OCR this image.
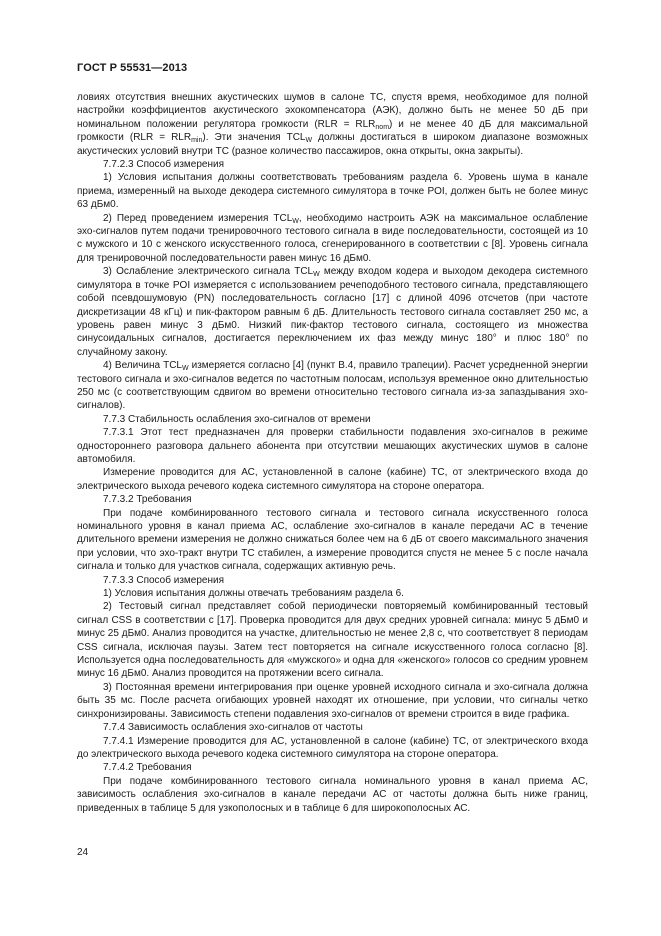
ГОСТ Р 55531—2013

ловиях отсутствия внешних акустических шумов в салоне ТС, спустя время, необходимое для полной настройки коэффициентов акустического эхокомпенсатора (АЭК), должно быть не менее 50 дБ при номинальном положении регулятора громкости $(RLR = RLR_{nom})$ и не менее 40 дБ для максимальной громкости $(RLR = RLR_{min})$. Эти значения $TCL_W$ должны достигаться в широком диапазоне возможных акустических условий внутри ТС (разное количество пассажиров, окна открыты, окна закрыты).

7.7.2.3 Способ измерения

1) Условия испытания должны соответствовать требованиям раздела 6. Уровень шума в канале приема, измеренный на выходе декодера системного симулятора в точке POI, должен быть не более минус 63 дБм0.

2) Перед проведением измерения $TCL_W$, необходимо настроить АЭК на максимальное ослабление эхо-сигналов путем подачи тренировочного тестового сигнала в виде последовательности, состоящей из 10 с мужского и 10 с женского искусственного голоса, сгенерированного в соответствии с [8]. Уровень сигнала для тренировочной последовательности равен минус 16 дБм0.

3) Ослабление электрического сигнала $TCL_W$ между входом кодера и выходом декодера системного симулятора в точке POI измеряется с использованием речеподобного тестового сигнала, представляющего собой псевдошумовую (PN) последовательность согласно [17] с длиной 4096 отсчетов (при частоте дискретизации 48 кГц) и пик-фактором равным 6 дБ. Длительность тестового сигнала составляет 250 мс, а уровень равен минус 3 дБм0. Низкий пик-фактор тестового сигнала, состоящего из множества синусоидальных сигналов, достигается переключением их фаз между минус 180° и плюс 180° по случайному закону.

4) Величина $TCL_W$ измеряется согласно [4] (пункт B.4, правило трапеции). Расчет усредненной энергии тестового сигнала и эхо-сигналов ведется по частотным полосам, используя временное окно длительностью 250 мс (с соответствующим сдвигом во времени относительно тестового сигнала из-за запаздывания эхо-сигналов).

7.7.3 Стабильность ослабления эхо-сигналов от времени

7.7.3.1 Этот тест предназначен для проверки стабильности подавления эхо-сигналов в режиме одностороннего разговора дальнего абонента при отсутствии мешающих акустических шумов в салоне автомобиля.

Измерение проводится для АС, установленной в салоне (кабине) ТС, от электрического входа до электрического выхода речевого кодека системного симулятора на стороне оператора.

7.7.3.2 Требования

При подаче комбинированного тестового сигнала и тестового сигнала искусственного голоса номинального уровня в канал приема АС, ослабление эхо-сигналов в канале передачи АС в течение длительного времени измерения не должно снижаться более чем на 6 дБ от своего максимального значения при условии, что эхо-тракт внутри ТС стабилен, а измерение проводится спустя не менее 5 с после начала сигнала и только для участков сигнала, содержащих активную речь.

7.7.3.3 Способ измерения

1) Условия испытания должны отвечать требованиям раздела 6.

2) Тестовый сигнал представляет собой периодически повторяемый комбинированный тестовый сигнал CSS в соответствии с [17]. Проверка проводится для двух средних уровней сигнала: минус 5 дБм0 и минус 25 дБм0. Анализ проводится на участке, длительностью не менее 2,8 с, что соответствует 8 периодам CSS сигнала, исключая паузы. Затем тест повторяется на сигнале искусственного голоса согласно [8]. Используется одна последовательность для «мужского» и одна для «женского» голосов со средним уровнем минус 16 дБм0. Анализ проводится на протяжении всего сигнала.

3) Постоянная времени интегрирования при оценке уровней исходного сигнала и эхо-сигнала должна быть 35 мс. После расчета огибающих уровней находят их отношение, при условии, что сигналы четко синхронизированы. Зависимость степени подавления эхо-сигналов от времени строится в виде графика.

7.7.4 Зависимость ослабления эхо-сигналов от частоты

7.7.4.1 Измерение проводится для АС, установленной в салоне (кабине) ТС, от электрического входа до электрического выхода речевого кодека системного симулятора на стороне оператора.

7.7.4.2 Требования

При подаче комбинированного тестового сигнала номинального уровня в канал приема АС, зависимость ослабления эхо-сигналов в канале передачи АС от частоты должна быть ниже границ, приведенных в таблице 5 для узкополосных и в таблице 6 для широкополосных АС.

24
